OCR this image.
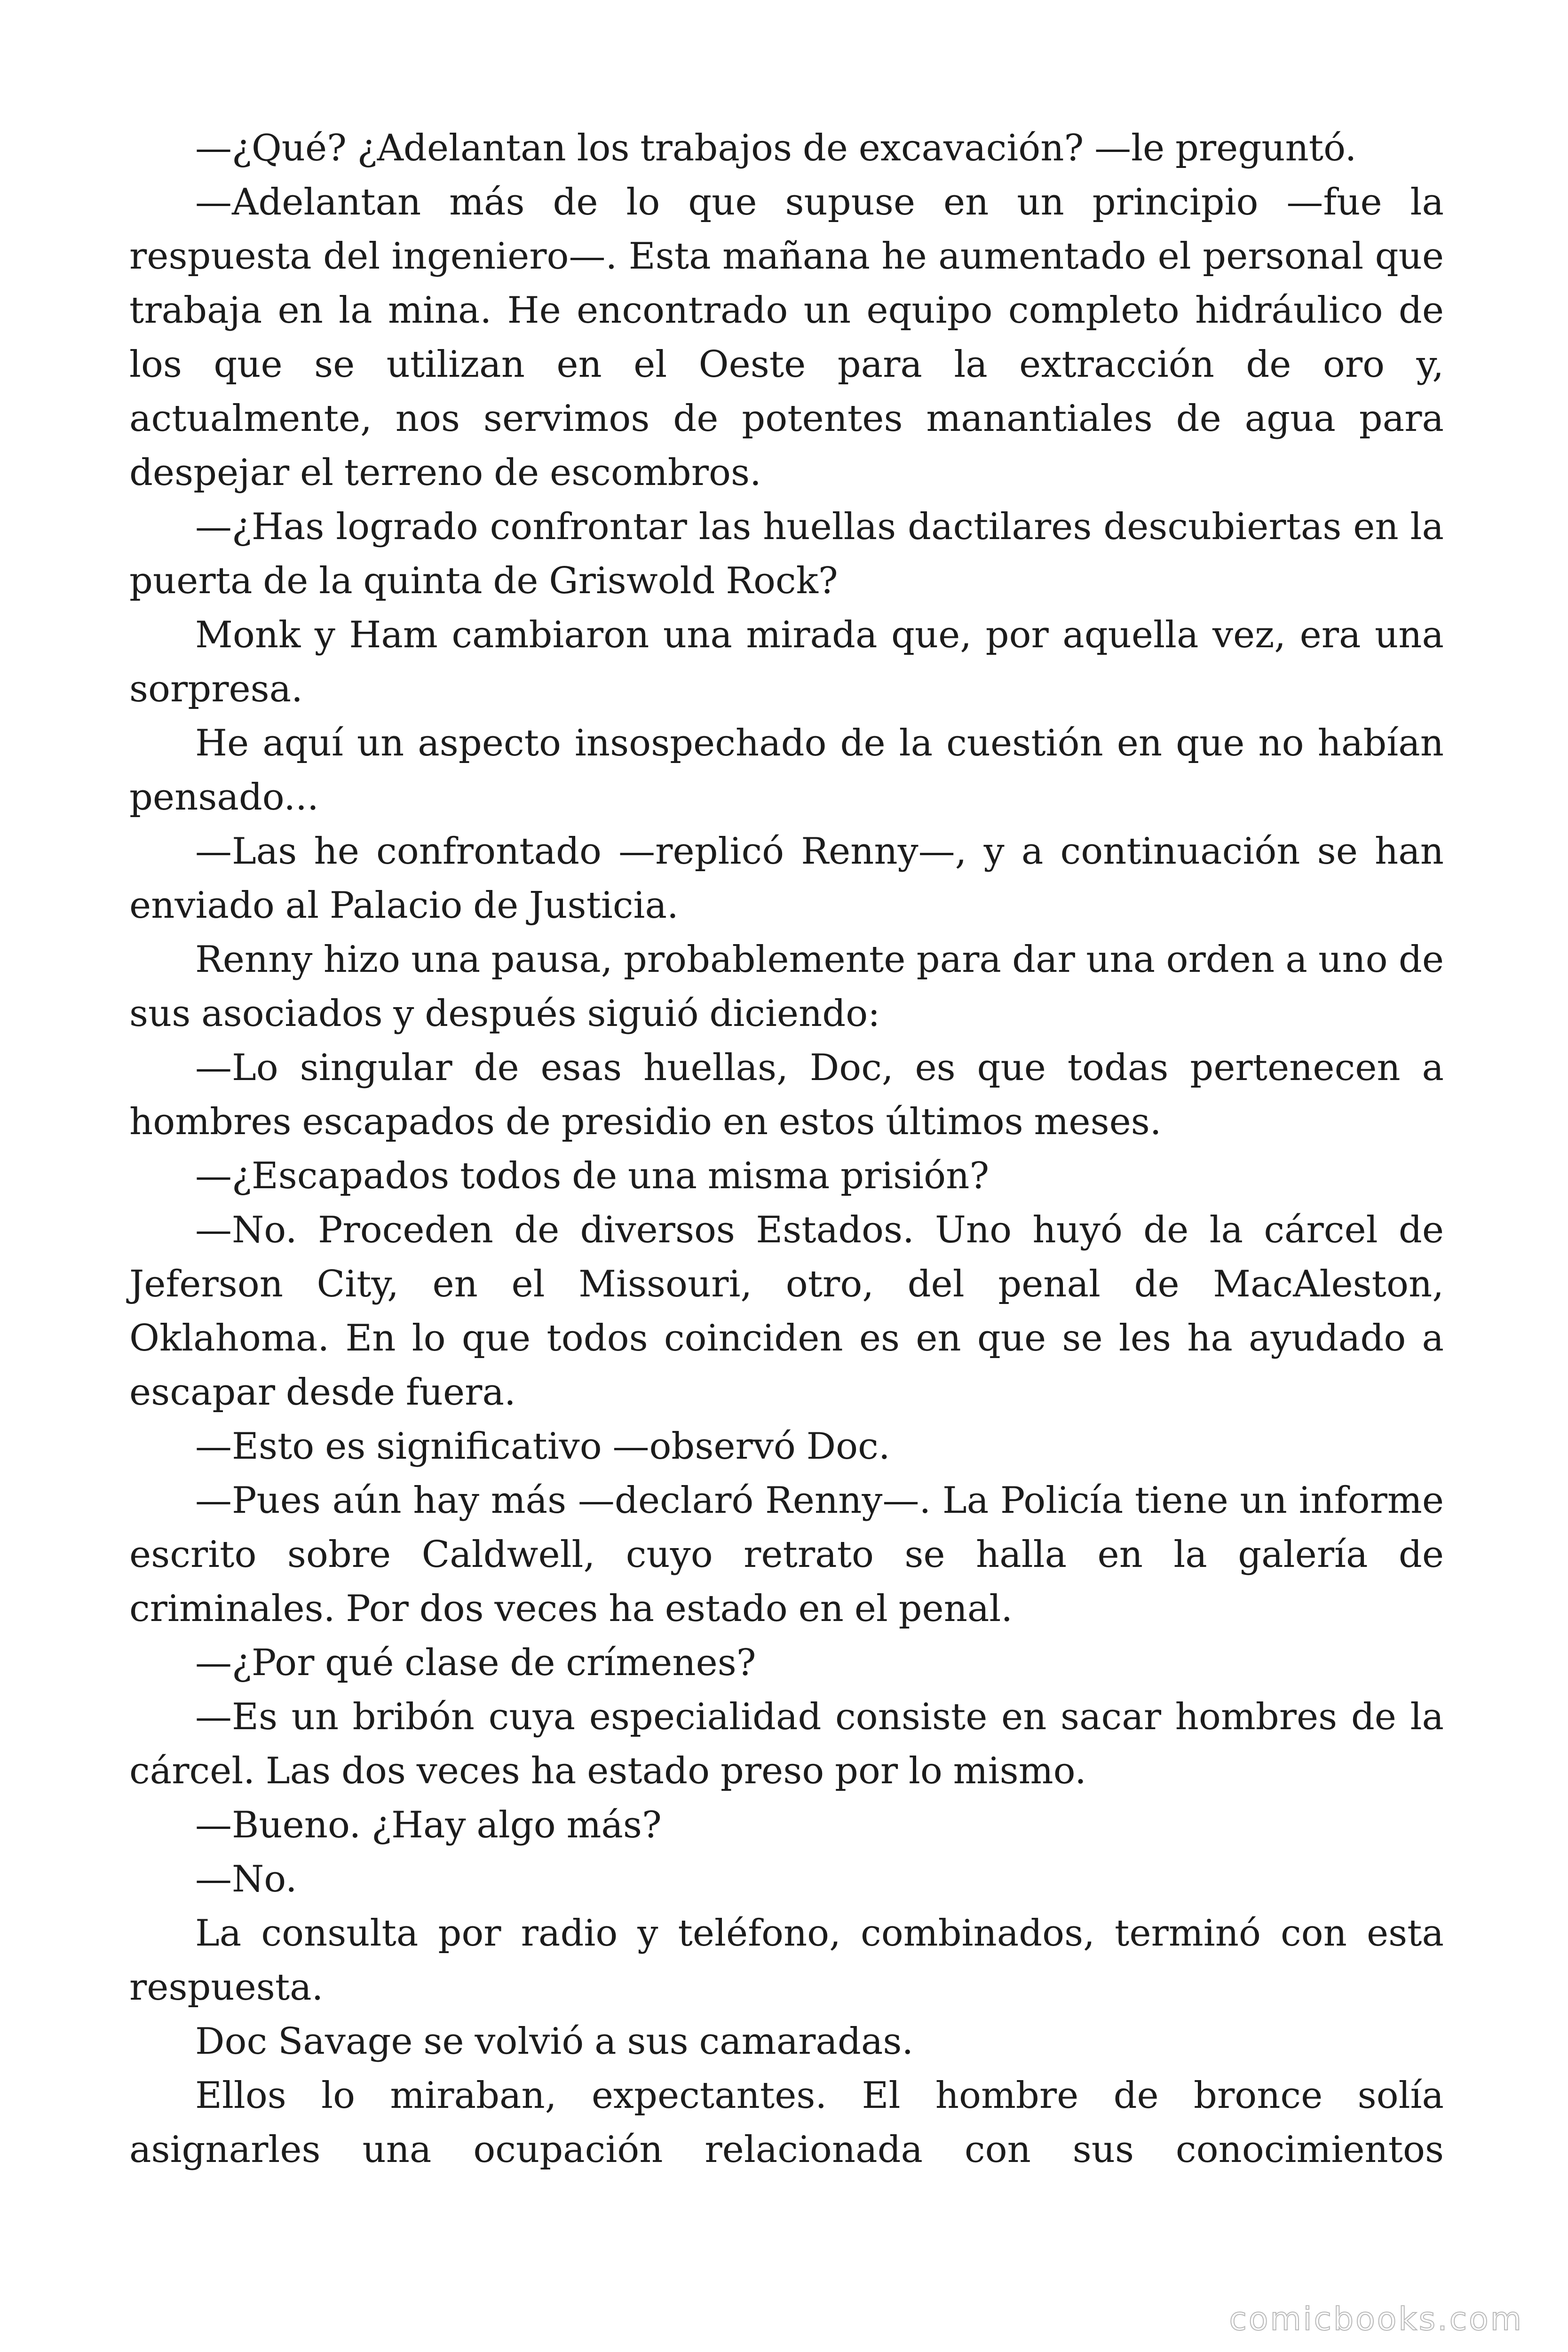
—¿Qué? ¿Adelantan los trabajos de excavación? —le preguntó.

—Adelantan más de lo que supuse en un principio —fue la respuesta del ingeniero—. Esta mañana he aumentado el personal que trabaja en la mina. He encontrado un equipo completo hidráulico de los que se utilizan en el Oeste para la extracción de oro y, actualmente, nos servimos de potentes manantiales de agua para despejar el terreno de escombros.

—¿Has logrado confrontar las huellas dactilares descubiertas en la puerta de la quinta de Griswold Rock?

Monk y Ham cambiaron una mirada que, por aquella vez, era una sorpresa.

He aquí un aspecto insospechado de la cuestión en que no habían pensado...

—Las he confrontado —replicó Renny—, y a continuación se han enviado al Palacio de Justicia.

Renny hizo una pausa, probablemente para dar una orden a uno de sus asociados y después siguió diciendo:

—Lo singular de esas huellas, Doc, es que todas pertenecen a hombres escapados de presidio en estos últimos meses.

—¿Escapados todos de una misma prisión?

—No. Proceden de diversos Estados. Uno huyó de la cárcel de Jeferson City, en el Missouri, otro, del penal de MacAleston, Oklahoma. En lo que todos coinciden es en que se les ha ayudado a escapar desde fuera.

—Esto es significativo —observó Doc.

—Pues aún hay más —declaró Renny—. La Policía tiene un informe escrito sobre Caldwell, cuyo retrato se halla en la galería de criminales. Por dos veces ha estado en el penal.

—¿Por qué clase de crímenes?

—Es un bribón cuya especialidad consiste en sacar hombres de la cárcel. Las dos veces ha estado preso por lo mismo.

—Bueno. ¿Hay algo más?

—No.

La consulta por radio y teléfono, combinados, terminó con esta respuesta.

Doc Savage se volvió a sus camaradas.

Ellos lo miraban, expectantes. El hombre de bronce solía asignarles una ocupación relacionada con sus conocimientos

comicbooks.com
